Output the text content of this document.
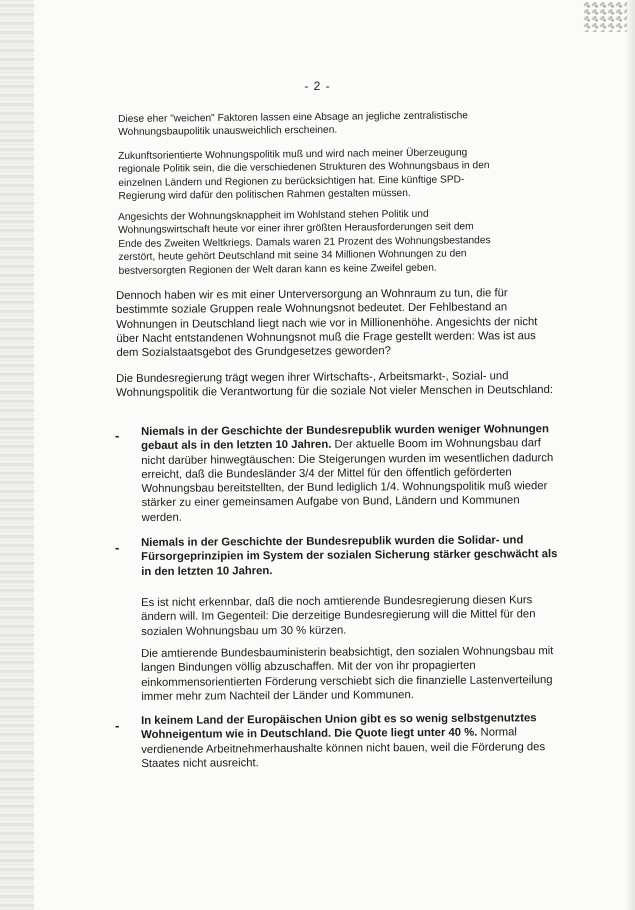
- 2 -

Diese eher "weichen" Faktoren lassen eine Absage an jegliche zentralistische Wohnungsbaupolitik unausweichlich erscheinen.

Zukunftsorientierte Wohnungspolitik muß und wird nach meiner Überzeugung regionale Politik sein, die die verschiedenen Strukturen des Wohnungsbaus in den einzelnen Ländern und Regionen zu berücksichtigen hat. Eine künftige SPD-Regierung wird dafür den politischen Rahmen gestalten müssen.

Angesichts der Wohnungsknappheit im Wohlstand stehen Politik und Wohnungswirtschaft heute vor einer ihrer größten Herausforderungen seit dem Ende des Zweiten Weltkriegs. Damals waren 21 Prozent des Wohnungsbestandes zerstört, heute gehört Deutschland mit seine 34 Millionen Wohnungen zu den bestversorgten Regionen der Welt daran kann es keine Zweifel geben.

Dennoch haben wir es mit einer Unterversorgung an Wohnraum zu tun, die für bestimmte soziale Gruppen reale Wohnungsnot bedeutet. Der Fehlbestand an Wohnungen in Deutschland liegt nach wie vor in Millionenhöhe. Angesichts der nicht über Nacht entstandenen Wohnungsnot muß die Frage gestellt werden: Was ist aus dem Sozialstaatsgebot des Grundgesetzes geworden?

Die Bundesregierung trägt wegen ihrer Wirtschafts-, Arbeitsmarkt-, Sozial- und Wohnungspolitik die Verantwortung für die soziale Not vieler Menschen in Deutschland:

-	Niemals in der Geschichte der Bundesrepublik wurden weniger Wohnungen gebaut als in den letzten 10 Jahren. Der aktuelle Boom im Wohnungsbau darf nicht darüber hinwegtäuschen: Die Steigerungen wurden im wesentlichen dadurch erreicht, daß die Bundesländer 3/4 der Mittel für den öffentlich geförderten Wohnungsbau bereitstellten, der Bund lediglich 1/4. Wohnungspolitik muß wieder stärker zu einer gemeinsamen Aufgabe von Bund, Ländern und Kommunen werden.

-	Niemals in der Geschichte der Bundesrepublik wurden die Solidar- und Fürsorgeprinzipien im System der sozialen Sicherung stärker geschwächt als in den letzten 10 Jahren.

Es ist nicht erkennbar, daß die noch amtierende Bundesregierung diesen Kurs ändern will. Im Gegenteil: Die derzeitige Bundesregierung will die Mittel für den sozialen Wohnungsbau um 30 % kürzen.

Die amtierende Bundesbauministerin beabsichtigt, den sozialen Wohnungsbau mit langen Bindungen völlig abzuschaffen. Mit der von ihr propagierten einkommensorientierten Förderung verschiebt sich die finanzielle Lastenverteilung immer mehr zum Nachteil der Länder und Kommunen.

-	In keinem Land der Europäischen Union gibt es so wenig selbstgenutztes Wohneigentum wie in Deutschland. Die Quote liegt unter 40 %. Normal verdienende Arbeitnehmerhaushalte können nicht bauen, weil die Förderung des Staates nicht ausreicht.
